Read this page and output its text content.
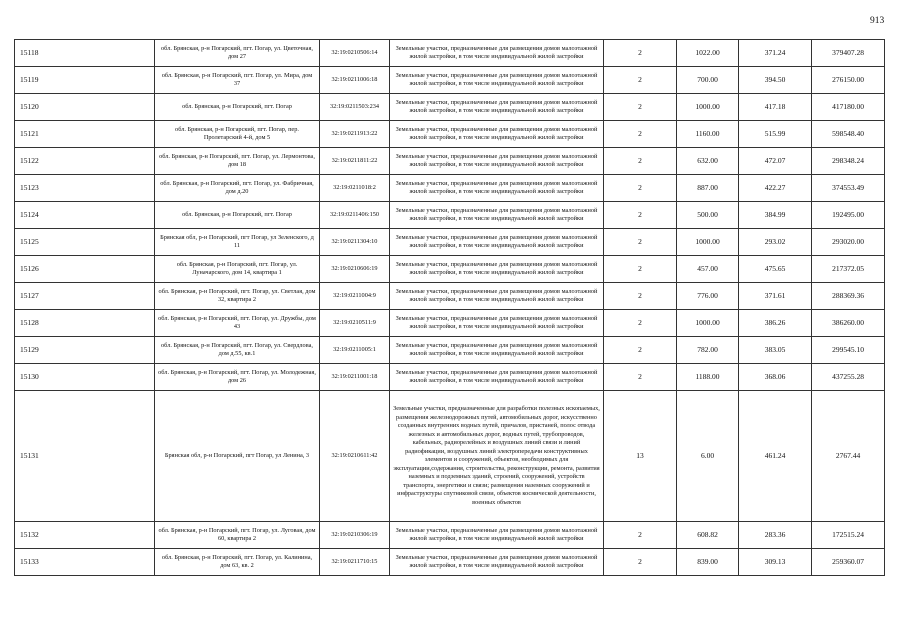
913
15118	обл. Брянская, р-н Погарский, пгт. Погар, ул. Цветочная, дом 27	32:19:0210506:14	Земельные участки, предназначенные для размещения домов малоэтажной жилой застройки, в том числе индивидуальной жилой застройки	2	1022.00	371.24	379407.28
15119	обл. Брянская, р-н Погарский, пгт. Погар, ул. Мира, дом 37	32:19:0211006:18	Земельные участки, предназначенные для размещения домов малоэтажной жилой застройки, в том числе индивидуальной жилой застройки	2	700.00	394.50	276150.00
15120	обл. Брянская, р-н Погарский, пгт. Погар	32:19:0211503:234	Земельные участки, предназначенные для размещения домов малоэтажной жилой застройки, в том числе индивидуальной жилой застройки	2	1000.00	417.18	417180.00
15121	обл. Брянская, р-н Погарский, пгт. Погар, пер. Пролетарский 4-й, дом 5	32:19:0211913:22	Земельные участки, предназначенные для размещения домов малоэтажной жилой застройки, в том числе индивидуальной жилой застройки	2	1160.00	515.99	598548.40
15122	обл. Брянская, р-н Погарский, пгт. Погар, ул. Лермонтова, дом 18	32:19:0211811:22	Земельные участки, предназначенные для размещения домов малоэтажной жилой застройки, в том числе индивидуальной жилой застройки	2	632.00	472.07	298348.24
15123	обл. Брянская, р-н Погарский, пгт. Погар, ул. Фабричная, дом д.20	32:19:0211018:2	Земельные участки, предназначенные для размещения домов малоэтажной жилой застройки, в том числе индивидуальной жилой застройки	2	887.00	422.27	374553.49
15124	обл. Брянская, р-н Погарский, пгт. Погар	32:19:0211406:150	Земельные участки, предназначенные для размещения домов малоэтажной жилой застройки, в том числе индивидуальной жилой застройки	2	500.00	384.99	192495.00
15125	Брянская обл, р-н Погарский, пгт Погар, ул Зеленского, д 11	32:19:0211304:10	Земельные участки, предназначенные для размещения домов малоэтажной жилой застройки, в том числе индивидуальной жилой застройки	2	1000.00	293.02	293020.00
15126	обл. Брянская, р-н Погарский, пгт. Погар, ул. Луначарского, дом 14, квартира 1	32:19:0210606:19	Земельные участки, предназначенные для размещения домов малоэтажной жилой застройки, в том числе индивидуальной жилой застройки	2	457.00	475.65	217372.05
15127	обл. Брянская, р-н Погарский, пгт. Погар, ул. Светлая, дом 32, квартира 2	32:19:0211004:9	Земельные участки, предназначенные для размещения домов малоэтажной жилой застройки, в том числе индивидуальной жилой застройки	2	776.00	371.61	288369.36
15128	обл. Брянская, р-н Погарский, пгт. Погар, ул. Дружбы, дом 43	32:19:0210511:9	Земельные участки, предназначенные для размещения домов малоэтажной жилой застройки, в том числе индивидуальной жилой застройки	2	1000.00	386.26	386260.00
15129	обл. Брянская, р-н Погарский, пгт. Погар, ул. Свердлова, дом д.55, кв.1	32:19:0211005:1	Земельные участки, предназначенные для размещения домов малоэтажной жилой застройки, в том числе индивидуальной жилой застройки	2	782.00	383.05	299545.10
15130	обл. Брянская, р-н Погарский, пгт. Погар, ул. Молодежная, дом 26	32:19:0211001:18	Земельные участки, предназначенные для размещения домов малоэтажной жилой застройки, в том числе индивидуальной жилой застройки	2	1188.00	368.06	437255.28
15131	Брянская обл, р-н Погарский, пгт Погар, ул Ленина, 3	32:19:0210611:42	Земельные участки, предназначенные для разработки полезных ископаемых, размещения железнодорожных путей, автомобильных дорог, искусственно созданных внутренних водных путей, причалов, пристаней, полос отвода железных и автомобильных дорог, водных путей, трубопроводов, кабельных, радиорелейных и воздушных линий связи и линий радиофикации, воздушных линий электропередачи конструктивных элементов и сооружений, объектов, необходимых для эксплуатации,содержания, строительства, реконструкции, ремонта, развития наземных и подземных зданий, строений, сооружений, устройств транспорта, энергетики и связи; размещения наземных сооружений и инфраструктуры спутниковой связи, объектов космической деятельности, военных объектов	13	6.00	461.24	2767.44
15132	обл. Брянская, р-н Погарский, пгт. Погар, ул. Луговая, дом 60, квартира 2	32:19:0210306:19	Земельные участки, предназначенные для размещения домов малоэтажной жилой застройки, в том числе индивидуальной жилой застройки	2	608.82	283.36	172515.24
15133	обл. Брянская, р-н Погарский, пгт. Погар, ул. Калинина, дом 63, кв. 2	32:19:0211710:15	Земельные участки, предназначенные для размещения домов малоэтажной жилой застройки, в том числе индивидуальной жилой застройки	2	839.00	309.13	259360.07
